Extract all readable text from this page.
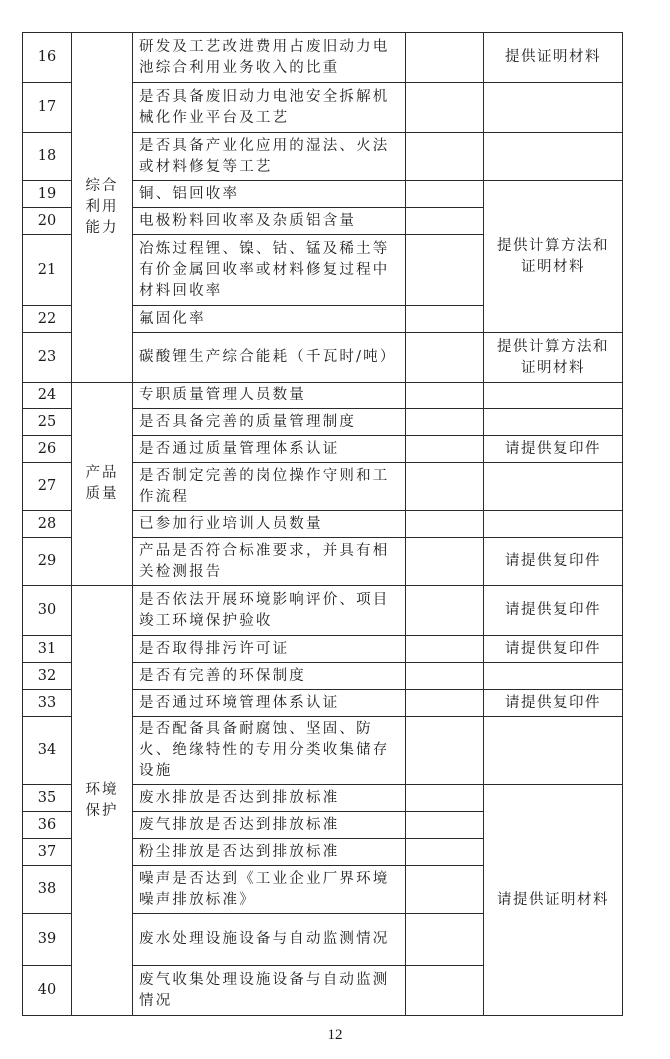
16	综合利用能力	研发及工艺改进费用占废旧动力电池综合利用业务收入的比重		提供证明材料
17		是否具备废旧动力电池安全拆解机械化作业平台及工艺		
18		是否具备产业化应用的湿法、火法或材料修复等工艺		
19		铜、铝回收率		提供计算方法和证明材料
20		电极粉料回收率及杂质铝含量		
21		冶炼过程锂、镍、钴、锰及稀土等有价金属回收率或材料修复过程中材料回收率		
22		氟固化率		
23		碳酸锂生产综合能耗（千瓦时/吨）		提供计算方法和证明材料
24	产品质量	专职质量管理人员数量		
25		是否具备完善的质量管理制度		
26		是否通过质量管理体系认证		请提供复印件
27		是否制定完善的岗位操作守则和工作流程		
28		已参加行业培训人员数量		
29		产品是否符合标准要求，并具有相关检测报告		请提供复印件
30	环境保护	是否依法开展环境影响评价、项目竣工环境保护验收		请提供复印件
31		是否取得排污许可证		请提供复印件
32		是否有完善的环保制度		
33		是否通过环境管理体系认证		请提供复印件
34		是否配备具备耐腐蚀、坚固、防火、绝缘特性的专用分类收集储存设施		
35		废水排放是否达到排放标准		请提供证明材料
36		废气排放是否达到排放标准		
37		粉尘排放是否达到排放标准		
38		噪声是否达到《工业企业厂界环境噪声排放标准》		
39		废水处理设施设备与自动监测情况		
40		废气收集处理设施设备与自动监测情况		
12
